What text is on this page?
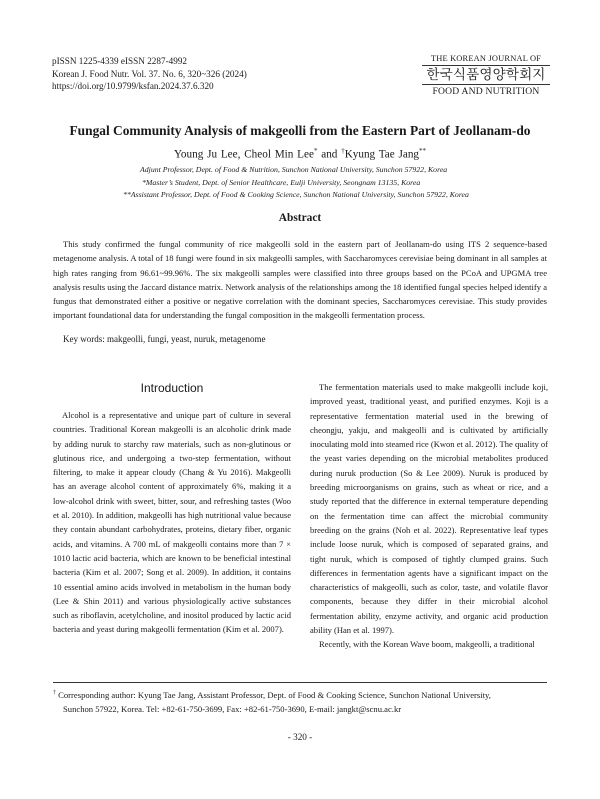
pISSN 1225-4339 eISSN 2287-4992
Korean J. Food Nutr. Vol. 37. No. 6, 320~326 (2024)
https://doi.org/10.9799/ksfan.2024.37.6.320
THE KOREAN JOURNAL OF
한국식품영양학회지
FOOD AND NUTRITION
Fungal Community Analysis of makgeolli from the Eastern Part of Jeollanam-do
Young Ju Lee, Cheol Min Lee* and †Kyung Tae Jang**
Adjunt Professor, Dept. of Food & Nutrition, Sunchon National University, Sunchon 57922, Korea
*Master’s Student, Dept. of Senior Healthcare, Eulji University, Seongnam 13135, Korea
**Assistant Professor, Dept. of Food & Cooking Science, Sunchon National University, Sunchon 57922, Korea
Abstract

This study confirmed the fungal community of rice makgeolli sold in the eastern part of Jeollanam-do using ITS 2 sequence-based metagenome analysis. A total of 18 fungi were found in six makgeolli samples, with Saccharomyces cerevisiae being dominant in all samples at high rates ranging from 96.61~99.96%. The six makgeolli samples were classified into three groups based on the PCoA and UPGMA tree analysis results using the Jaccard distance matrix. Network analysis of the relationships among the 18 identified fungal species helped identify a fungus that demonstrated either a positive or negative correlation with the dominant species, Saccharomyces cerevisiae. This study provides important foundational data for understanding the fungal composition in the makgeolli fermentation process.

Key words: makgeolli, fungi, yeast, nuruk, metagenome
Introduction

Alcohol is a representative and unique part of culture in several countries. Traditional Korean makgeolli is an alcoholic drink made by adding nuruk to starchy raw materials, such as non-glutinous or glutinous rice, and undergoing a two-step fermentation, without filtering, to make it appear cloudy (Chang & Yu 2016). Makgeolli has an average alcohol content of approximately 6%, making it a low-alcohol drink with sweet, bitter, sour, and refreshing tastes (Woo et al. 2010). In addition, makgeolli has high nutritional value because they contain abundant carbohydrates, proteins, dietary fiber, organic acids, and vitamins. A 700 mL of makgeolli contains more than 7 × 1010 lactic acid bacteria, which are known to be beneficial intestinal bacteria (Kim et al. 2007; Song et al. 2009). In addition, it contains 10 essential amino acids involved in metabolism in the human body (Lee & Shin 2011) and various physiologically active substances such as riboflavin, acetylcholine, and inositol produced by lactic acid bacteria and yeast during makgeolli fermentation (Kim et al. 2007).

The fermentation materials used to make makgeolli include koji, improved yeast, traditional yeast, and purified enzymes. Koji is a representative fermentation material used in the brewing of cheongju, yakju, and makgeolli and is cultivated by artificially inoculating mold into steamed rice (Kwon et al. 2012). The quality of the yeast varies depending on the microbial metabolites produced during nuruk production (So & Lee 2009). Nuruk is produced by breeding microorganisms on grains, such as wheat or rice, and a study reported that the difference in external temperature depending on the fermentation time can affect the microbial community breeding on the grains (Noh et al. 2022). Representative leaf types include loose nuruk, which is composed of separated grains, and tight nuruk, which is composed of tightly clumped grains. Such differences in fermentation agents have a significant impact on the characteristics of makgeolli, such as color, taste, and volatile flavor components, because they differ in their microbial alcohol fermentation ability, enzyme activity, and organic acid production ability (Han et al. 1997).

Recently, with the Korean Wave boom, makgeolli, a traditional

† Corresponding author: Kyung Tae Jang, Assistant Professor, Dept. of Food & Cooking Science, Sunchon National University,
Sunchon 57922, Korea. Tel: +82-61-750-3699, Fax: +82-61-750-3690, E-mail: jangkt@scnu.ac.kr
- 320 -
